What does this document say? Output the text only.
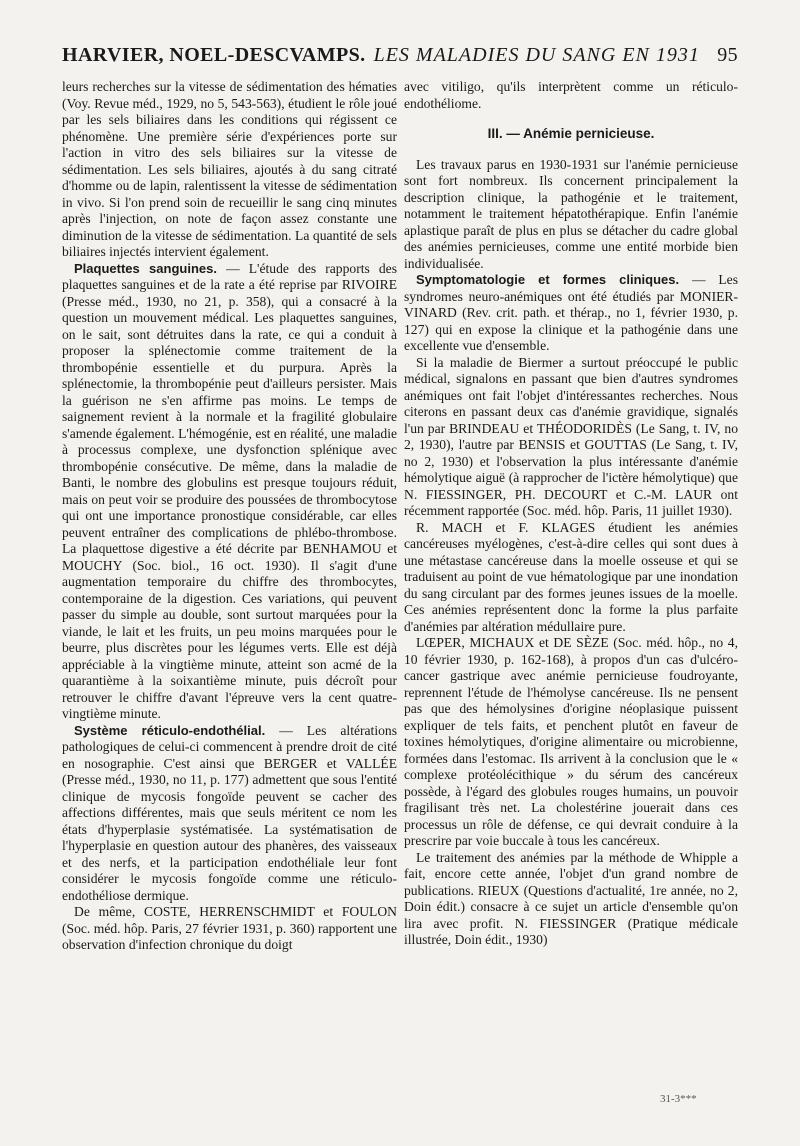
HARVIER, NOEL-DESCVAMPS. LES MALADIES DU SANG EN 1931 95

leurs recherches sur la vitesse de sédimentation des hématies (Voy. Revue méd., 1929, no 5, 543-563), étudient le rôle joué par les sels biliaires dans les conditions qui régissent ce phénomène. Une première série d'expériences porte sur l'action in vitro des sels biliaires sur la vitesse de sédimentation. Les sels biliaires, ajoutés à du sang citraté d'homme ou de lapin, ralentissent la vitesse de sédimentation in vivo. Si l'on prend soin de recueillir le sang cinq minutes après l'injection, on note de façon assez constante une diminution de la vitesse de sédimentation. La quantité de sels biliaires injectés intervient également.

Plaquettes sanguines. — L'étude des rapports des plaquettes sanguines et de la rate a été reprise par RIVOIRE (Presse méd., 1930, no 21, p. 358), qui a consacré à la question un mouvement médical. Les plaquettes sanguines, on le sait, sont détruites dans la rate, ce qui a conduit à proposer la splénectomie comme traitement de la thrombopénie essentielle et du purpura. Après la splénectomie, la thrombopénie peut d'ailleurs persister. Mais la guérison ne s'en affirme pas moins. Le temps de saignement revient à la normale et la fragilité globulaire s'amende également. L'hémogénie, est en réalité, une maladie à processus complexe, une dysfonction splénique avec thrombopénie consécutive. De même, dans la maladie de Banti, le nombre des globulins est presque toujours réduit, mais on peut voir se produire des poussées de thrombocytose qui ont une importance pronostique considérable, car elles peuvent entraîner des complications de phlébo-thrombose. La plaquettose digestive a été décrite par BENHAMOU et MOUCHY (Soc. biol., 16 oct. 1930). Il s'agit d'une augmentation temporaire du chiffre des thrombocytes, contemporaine de la digestion. Ces variations, qui peuvent passer du simple au double, sont surtout marquées pour la viande, le lait et les fruits, un peu moins marquées pour le beurre, plus discrètes pour les légumes verts. Elle est déjà appréciable à la vingtième minute, atteint son acmé de la quarantième à la soixantième minute, puis décroît pour retrouver le chiffre d'avant l'épreuve vers la cent quatre-vingtième minute.

Système réticulo-endothélial. — Les altérations pathologiques de celui-ci commencent à prendre droit de cité en nosographie. C'est ainsi que BERGER et VALLÉE (Presse méd., 1930, no 11, p. 177) admettent que sous l'entité clinique de mycosis fongoïde peuvent se cacher des affections différentes, mais que seuls méritent ce nom les états d'hyperplasie systématisée. La systématisation de l'hyperplasie en question autour des phanères, des vaisseaux et des nerfs, et la participation endothéliale leur font considérer le mycosis fongoïde comme une réticulo-endothéliose dermique.

De même, COSTE, HERRENSCHMIDT et FOULON (Soc. méd. hôp. Paris, 27 février 1931, p. 360) rapportent une observation d'infection chronique du doigt

avec vitiligo, qu'ils interprètent comme un réticulo-endothéliome.

III. — Anémie pernicieuse.

Les travaux parus en 1930-1931 sur l'anémie pernicieuse sont fort nombreux. Ils concernent principalement la description clinique, la pathogénie et le traitement, notamment le traitement hépatothérapique. Enfin l'anémie aplastique paraît de plus en plus se détacher du cadre global des anémies pernicieuses, comme une entité morbide bien individualisée.

Symptomatologie et formes cliniques. — Les syndromes neuro-anémiques ont été étudiés par MONIER-VINARD (Rev. crit. path. et thérap., no 1, février 1930, p. 127) qui en expose la clinique et la pathogénie dans une excellente vue d'ensemble.

Si la maladie de Biermer a surtout préoccupé le public médical, signalons en passant que bien d'autres syndromes anémiques ont fait l'objet d'intéressantes recherches. Nous citerons en passant deux cas d'anémie gravidique, signalés l'un par BRINDEAU et THÉODORIDÈS (Le Sang, t. IV, no 2, 1930), l'autre par BENSIS et GOUTTAS (Le Sang, t. IV, no 2, 1930) et l'observation la plus intéressante d'anémie hémolytique aiguë (à rapprocher de l'ictère hémolytique) que N. FIESSINGER, PH. DECOURT et C.-M. LAUR ont récemment rapportée (Soc. méd. hôp. Paris, 11 juillet 1930).

R. MACH et F. KLAGES étudient les anémies cancéreuses myélogènes, c'est-à-dire celles qui sont dues à une métastase cancéreuse dans la moelle osseuse et qui se traduisent au point de vue hématologique par une inondation du sang circulant par des formes jeunes issues de la moelle. Ces anémies représentent donc la forme la plus parfaite d'anémies par altération médullaire pure.

LŒPER, MICHAUX et DE SÈZE (Soc. méd. hôp., no 4, 10 février 1930, p. 162-168), à propos d'un cas d'ulcéro-cancer gastrique avec anémie pernicieuse foudroyante, reprennent l'étude de l'hémolyse cancéreuse. Ils ne pensent pas que des hémolysines d'origine néoplasique puissent expliquer de tels faits, et penchent plutôt en faveur de toxines hémolytiques, d'origine alimentaire ou microbienne, formées dans l'estomac. Ils arrivent à la conclusion que le « complexe protéolécithique » du sérum des cancéreux possède, à l'égard des globules rouges humains, un pouvoir fragilisant très net. La cholestérine jouerait dans ces processus un rôle de défense, ce qui devrait conduire à la prescrire par voie buccale à tous les cancéreux.

Le traitement des anémies par la méthode de Whipple a fait, encore cette année, l'objet d'un grand nombre de publications. RIEUX (Questions d'actualité, 1re année, no 2, Doin édit.) consacre à ce sujet un article d'ensemble qu'on lira avec profit. N. FIESSINGER (Pratique médicale illustrée, Doin édit., 1930)

31-3***
